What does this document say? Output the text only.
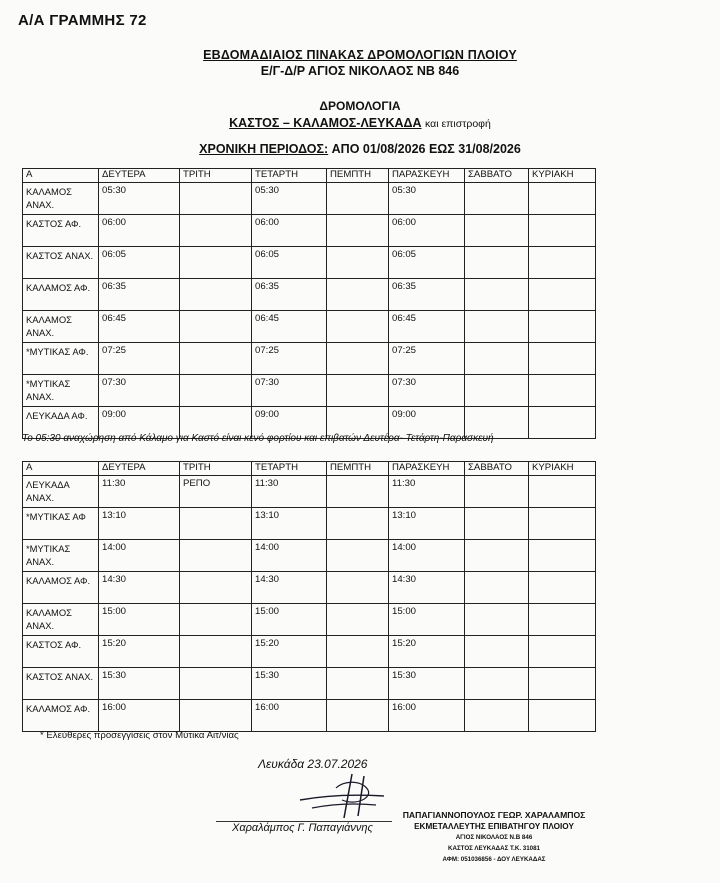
Α/Α ΓΡΑΜΜΗΣ 72
ΕΒΔΟΜΑΔΙΑΙΟΣ ΠΙΝΑΚΑΣ ΔΡΟΜΟΛΟΓΙΩΝ ΠΛΟΙΟΥ
Ε/Γ-Δ/Ρ ΑΓΙΟΣ ΝΙΚΟΛΑΟΣ ΝΒ 846
ΔΡΟΜΟΛΟΓΙΑ
ΚΑΣΤΟΣ – ΚΑΛΑΜΟΣ-ΛΕΥΚΑΔΑ και επιστροφή
ΧΡΟΝΙΚΗ ΠΕΡΙΟΔΟΣ: ΑΠΟ 01/08/2026 ΕΩΣ 31/08/2026
Α	ΔΕΥΤΕΡΑ	ΤΡΙΤΗ	ΤΕΤΑΡΤΗ	ΠΕΜΠΤΗ	ΠΑΡΑΣΚΕΥΗ	ΣΑΒΒΑΤΟ	ΚΥΡΙΑΚΗ
ΚΑΛΑΜΟΣ ΑΝΑΧ.	05:30		05:30		05:30		
ΚΑΣΤΟΣ ΑΦ.	06:00		06:00		06:00		
ΚΑΣΤΟΣ ΑΝΑΧ.	06:05		06:05		06:05		
ΚΑΛΑΜΟΣ ΑΦ.	06:35		06:35		06:35		
ΚΑΛΑΜΟΣ ΑΝΑΧ.	06:45		06:45		06:45		
*ΜΥΤΙΚΑΣ ΑΦ.	07:25		07:25		07:25		
*ΜΥΤΙΚΑΣ ΑΝΑΧ.	07:30		07:30		07:30		
ΛΕΥΚΑΔΑ ΑΦ.	09:00		09:00		09:00		
Το 05:30 αναχώρηση από Κάλαμο για Καστό είναι κενό φορτίου και επιβατών Δευτέρα- Τετάρτη-Παρασκευή
Α	ΔΕΥΤΕΡΑ	ΤΡΙΤΗ	ΤΕΤΑΡΤΗ	ΠΕΜΠΤΗ	ΠΑΡΑΣΚΕΥΗ	ΣΑΒΒΑΤΟ	ΚΥΡΙΑΚΗ
ΛΕΥΚΑΔΑ ΑΝΑΧ.	11:30	ΡΕΠΟ	11:30		11:30		
*ΜΥΤΙΚΑΣ ΑΦ	13:10		13:10		13:10		
*ΜΥΤΙΚΑΣ ΑΝΑΧ.	14:00		14:00		14:00		
ΚΑΛΑΜΟΣ ΑΦ.	14:30		14:30		14:30		
ΚΑΛΑΜΟΣ ΑΝΑΧ.	15:00		15:00		15:00		
ΚΑΣΤΟΣ ΑΦ.	15:20		15:20		15:20		
ΚΑΣΤΟΣ ΑΝΑΧ.	15:30		15:30		15:30		
ΚΑΛΑΜΟΣ ΑΦ.	16:00		16:00		16:00		
* Ελεύθερες προσεγγίσεις στον Μύτικα Αιτ/νίας
Λευκάδα 23.07.2026
Χαραλάμπος Γ. Παπαγιάννης
ΠΑΠΑΓΙΑΝΝΟΠΟΥΛΟΣ ΓΕΩΡ. ΧΑΡΑΛΑΜΠΟΣ
ΕΚΜΕΤΑΛΛΕΥΤΗΣ ΕΠΙΒΑΤΗΓΟΥ ΠΛΟΙΟΥ
ΑΓΙΟΣ ΝΙΚΟΛΑΟΣ Ν.Β 846
ΚΑΣΤΟΣ ΛΕΥΚΑΔΑΣ Τ.Κ. 31081
ΑΦΜ: 051036856 - ΔΟΥ ΛΕΥΚΑΔΑΣ
